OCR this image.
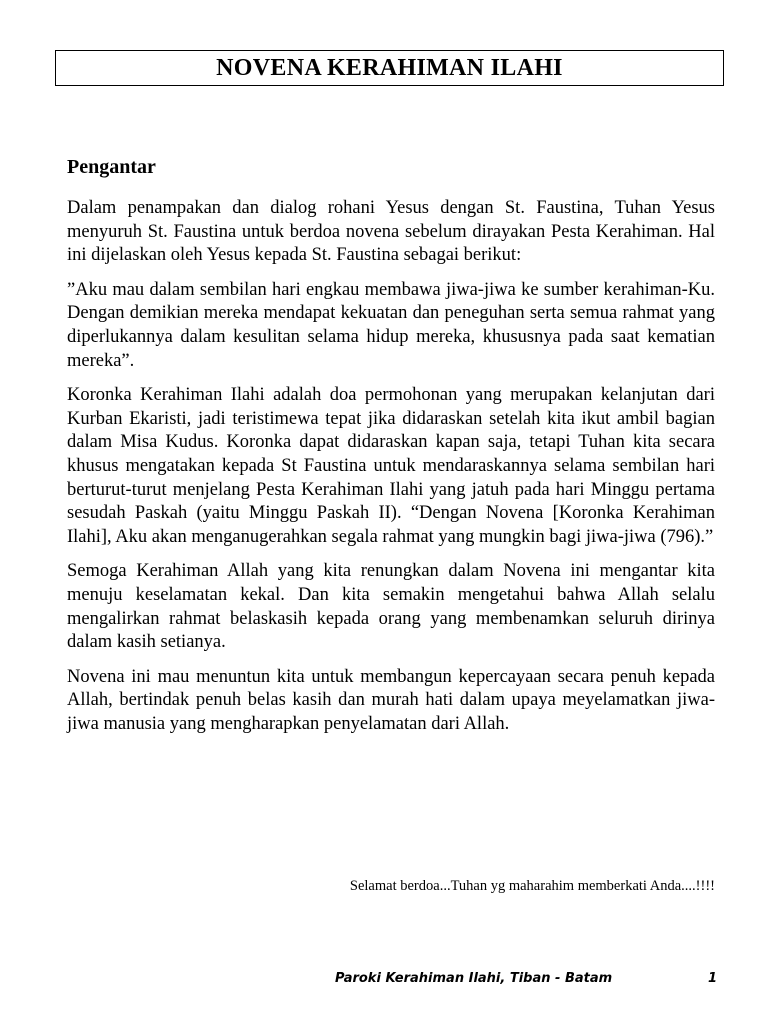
NOVENA KERAHIMAN ILAHI
Pengantar

Dalam penampakan dan dialog rohani Yesus dengan St. Faustina, Tuhan Yesus menyuruh St. Faustina untuk berdoa novena sebelum dirayakan Pesta Kerahiman. Hal ini dijelaskan oleh Yesus kepada St. Faustina sebagai berikut:

”Aku mau dalam sembilan hari engkau membawa jiwa-jiwa ke sumber kerahiman-Ku. Dengan demikian mereka mendapat kekuatan dan peneguhan serta semua rahmat yang diperlukannya dalam kesulitan selama hidup mereka, khususnya pada saat kematian mereka”.

Koronka Kerahiman Ilahi adalah doa permohonan yang merupakan kelanjutan dari Kurban Ekaristi, jadi teristimewa tepat jika didaraskan setelah kita ikut ambil bagian dalam Misa Kudus. Koronka dapat didaraskan kapan saja, tetapi Tuhan kita secara khusus mengatakan kepada St Faustina untuk mendaraskannya selama sembilan hari berturut-turut menjelang Pesta Kerahiman Ilahi yang jatuh pada hari Minggu pertama sesudah Paskah (yaitu Minggu Paskah II). “Dengan Novena [Koronka Kerahiman Ilahi], Aku akan menganugerahkan segala rahmat yang mungkin bagi jiwa-jiwa (796).”

Semoga Kerahiman Allah yang kita renungkan dalam Novena ini mengantar kita menuju keselamatan kekal. Dan kita semakin mengetahui bahwa Allah selalu mengalirkan rahmat belaskasih kepada orang yang membenamkan seluruh dirinya dalam kasih setianya.

Novena ini mau menuntun kita untuk membangun kepercayaan secara penuh kepada Allah, bertindak penuh belas kasih dan murah hati dalam upaya meyelamatkan jiwa-jiwa manusia yang mengharapkan penyelamatan dari Allah.

Selamat berdoa...Tuhan yg maharahim memberkati Anda....!!!!

Paroki Kerahiman Ilahi, Tiban - Batam	1
